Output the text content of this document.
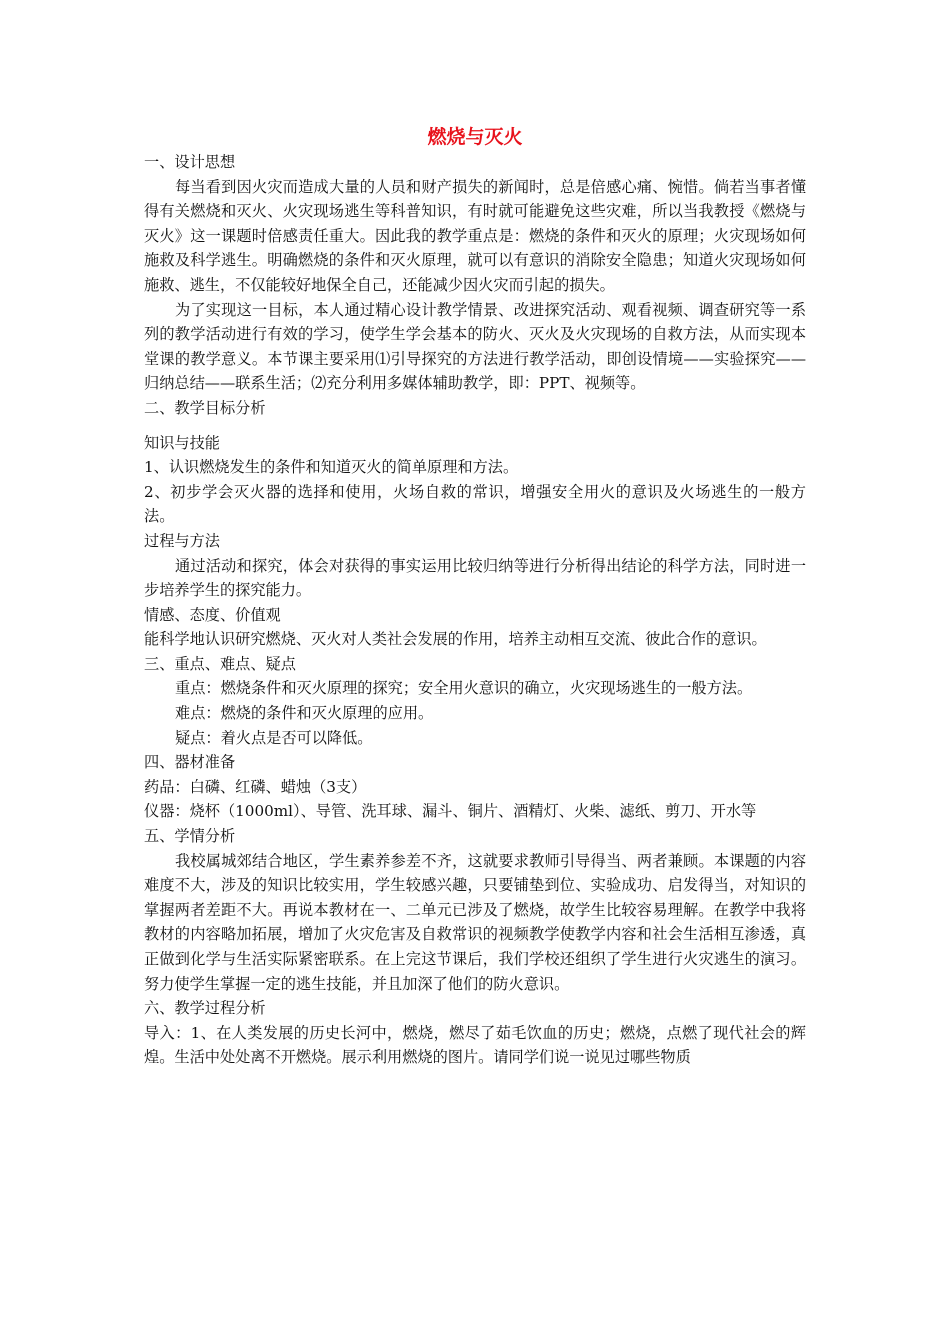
燃烧与灭火

一、设计思想

每当看到因火灾而造成大量的人员和财产损失的新闻时，总是倍感心痛、惋惜。倘若当事者懂得有关燃烧和灭火、火灾现场逃生等科普知识，有时就可能避免这些灾难，所以当我教授《燃烧与灭火》这一课题时倍感责任重大。因此我的教学重点是：燃烧的条件和灭火的原理；火灾现场如何施救及科学逃生。明确燃烧的条件和灭火原理，就可以有意识的消除安全隐患；知道火灾现场如何施救、逃生，不仅能较好地保全自己，还能减少因火灾而引起的损失。

为了实现这一目标，本人通过精心设计教学情景、改进探究活动、观看视频、调查研究等一系列的教学活动进行有效的学习，使学生学会基本的防火、灭火及火灾现场的自救方法，从而实现本堂课的教学意义。本节课主要采用⑴引导探究的方法进行教学活动，即创设情境——实验探究——归纳总结——联系生活；⑵充分利用多媒体辅助教学，即：PPT、视频等。

二、教学目标分析

知识与技能

1、认识燃烧发生的条件和知道灭火的简单原理和方法。

2、初步学会灭火器的选择和使用，火场自救的常识，增强安全用火的意识及火场逃生的一般方法。

过程与方法

通过活动和探究，体会对获得的事实运用比较归纳等进行分析得出结论的科学方法，同时进一步培养学生的探究能力。

情感、态度、价值观

能科学地认识研究燃烧、灭火对人类社会发展的作用，培养主动相互交流、彼此合作的意识。

三、重点、难点、疑点

重点：燃烧条件和灭火原理的探究；安全用火意识的确立，火灾现场逃生的一般方法。

难点：燃烧的条件和灭火原理的应用。

疑点：着火点是否可以降低。

四、器材准备

药品：白磷、红磷、蜡烛（3支）

仪器：烧杯（1000ml）、导管、洗耳球、漏斗、铜片、酒精灯、火柴、滤纸、剪刀、开水等

五、学情分析

我校属城郊结合地区，学生素养参差不齐，这就要求教师引导得当、两者兼顾。本课题的内容难度不大，涉及的知识比较实用，学生较感兴趣，只要铺垫到位、实验成功、启发得当，对知识的掌握两者差距不大。再说本教材在一、二单元已涉及了燃烧，故学生比较容易理解。在教学中我将教材的内容略加拓展，增加了火灾危害及自救常识的视频教学使教学内容和社会生活相互渗透，真正做到化学与生活实际紧密联系。在上完这节课后，我们学校还组织了学生进行火灾逃生的演习。努力使学生掌握一定的逃生技能，并且加深了他们的防火意识。

六、教学过程分析

导入：1、在人类发展的历史长河中，燃烧，燃尽了茹毛饮血的历史；燃烧，点燃了现代社会的辉煌。生活中处处离不开燃烧。展示利用燃烧的图片。请同学们说一说见过哪些物质
